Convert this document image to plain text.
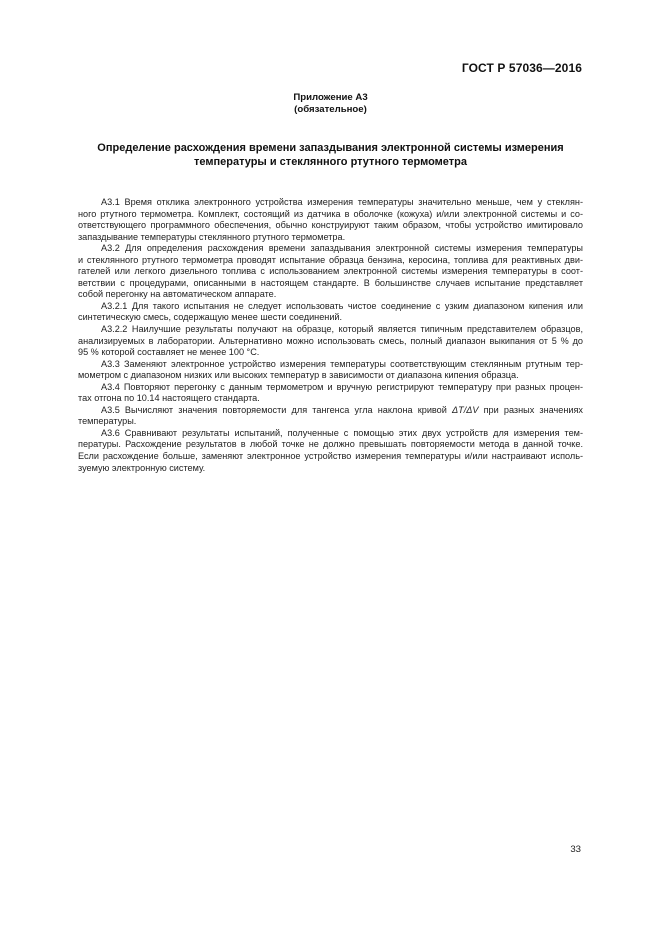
ГОСТ Р 57036—2016
Приложение А3
(обязательное)
Определение расхождения времени запаздывания электронной системы измерения
температуры и стеклянного ртутного термометра
А3.1 Время отклика электронного устройства измерения температуры значительно меньше, чем у стеклян-
ного ртутного термометра. Комплект, состоящий из датчика в оболочке (кожуха) и/или электронной системы и со-
ответствующего программного обеспечения, обычно конструируют таким образом, чтобы устройство имитировало
запаздывание температуры стеклянного ртутного термометра.
А3.2 Для определения расхождения времени запаздывания электронной системы измерения температуры
и стеклянного ртутного термометра проводят испытание образца бензина, керосина, топлива для реактивных дви-
гателей или легкого дизельного топлива с использованием электронной системы измерения температуры в соот-
ветствии с процедурами, описанными в настоящем стандарте. В большинстве случаев испытание представляет
собой перегонку на автоматическом аппарате.
А3.2.1 Для такого испытания не следует использовать чистое соединение с узким диапазоном кипения или
синтетическую смесь, содержащую менее шести соединений.
А3.2.2 Наилучшие результаты получают на образце, который является типичным представителем образцов,
анализируемых в лаборатории. Альтернативно можно использовать смесь, полный диапазон выкипания от 5 % до
95 % которой составляет не менее 100 °С.
А3.3 Заменяют электронное устройство измерения температуры соответствующим стеклянным ртутным тер-
мометром с диапазоном низких или высоких температур в зависимости от диапазона кипения образца.
А3.4 Повторяют перегонку с данным термометром и вручную регистрируют температуру при разных процен-
тах отгона по 10.14 настоящего стандарта.
А3.5 Вычисляют значения повторяемости для тангенса угла наклона кривой ΔT/ΔV при разных значениях
температуры.
А3.6 Сравнивают результаты испытаний, полученные с помощью этих двух устройств для измерения тем-
пературы. Расхождение результатов в любой точке не должно превышать повторяемости метода в данной точке.
Если расхождение больше, заменяют электронное устройство измерения температуры и/или настраивают исполь-
зуемую электронную систему.
33
